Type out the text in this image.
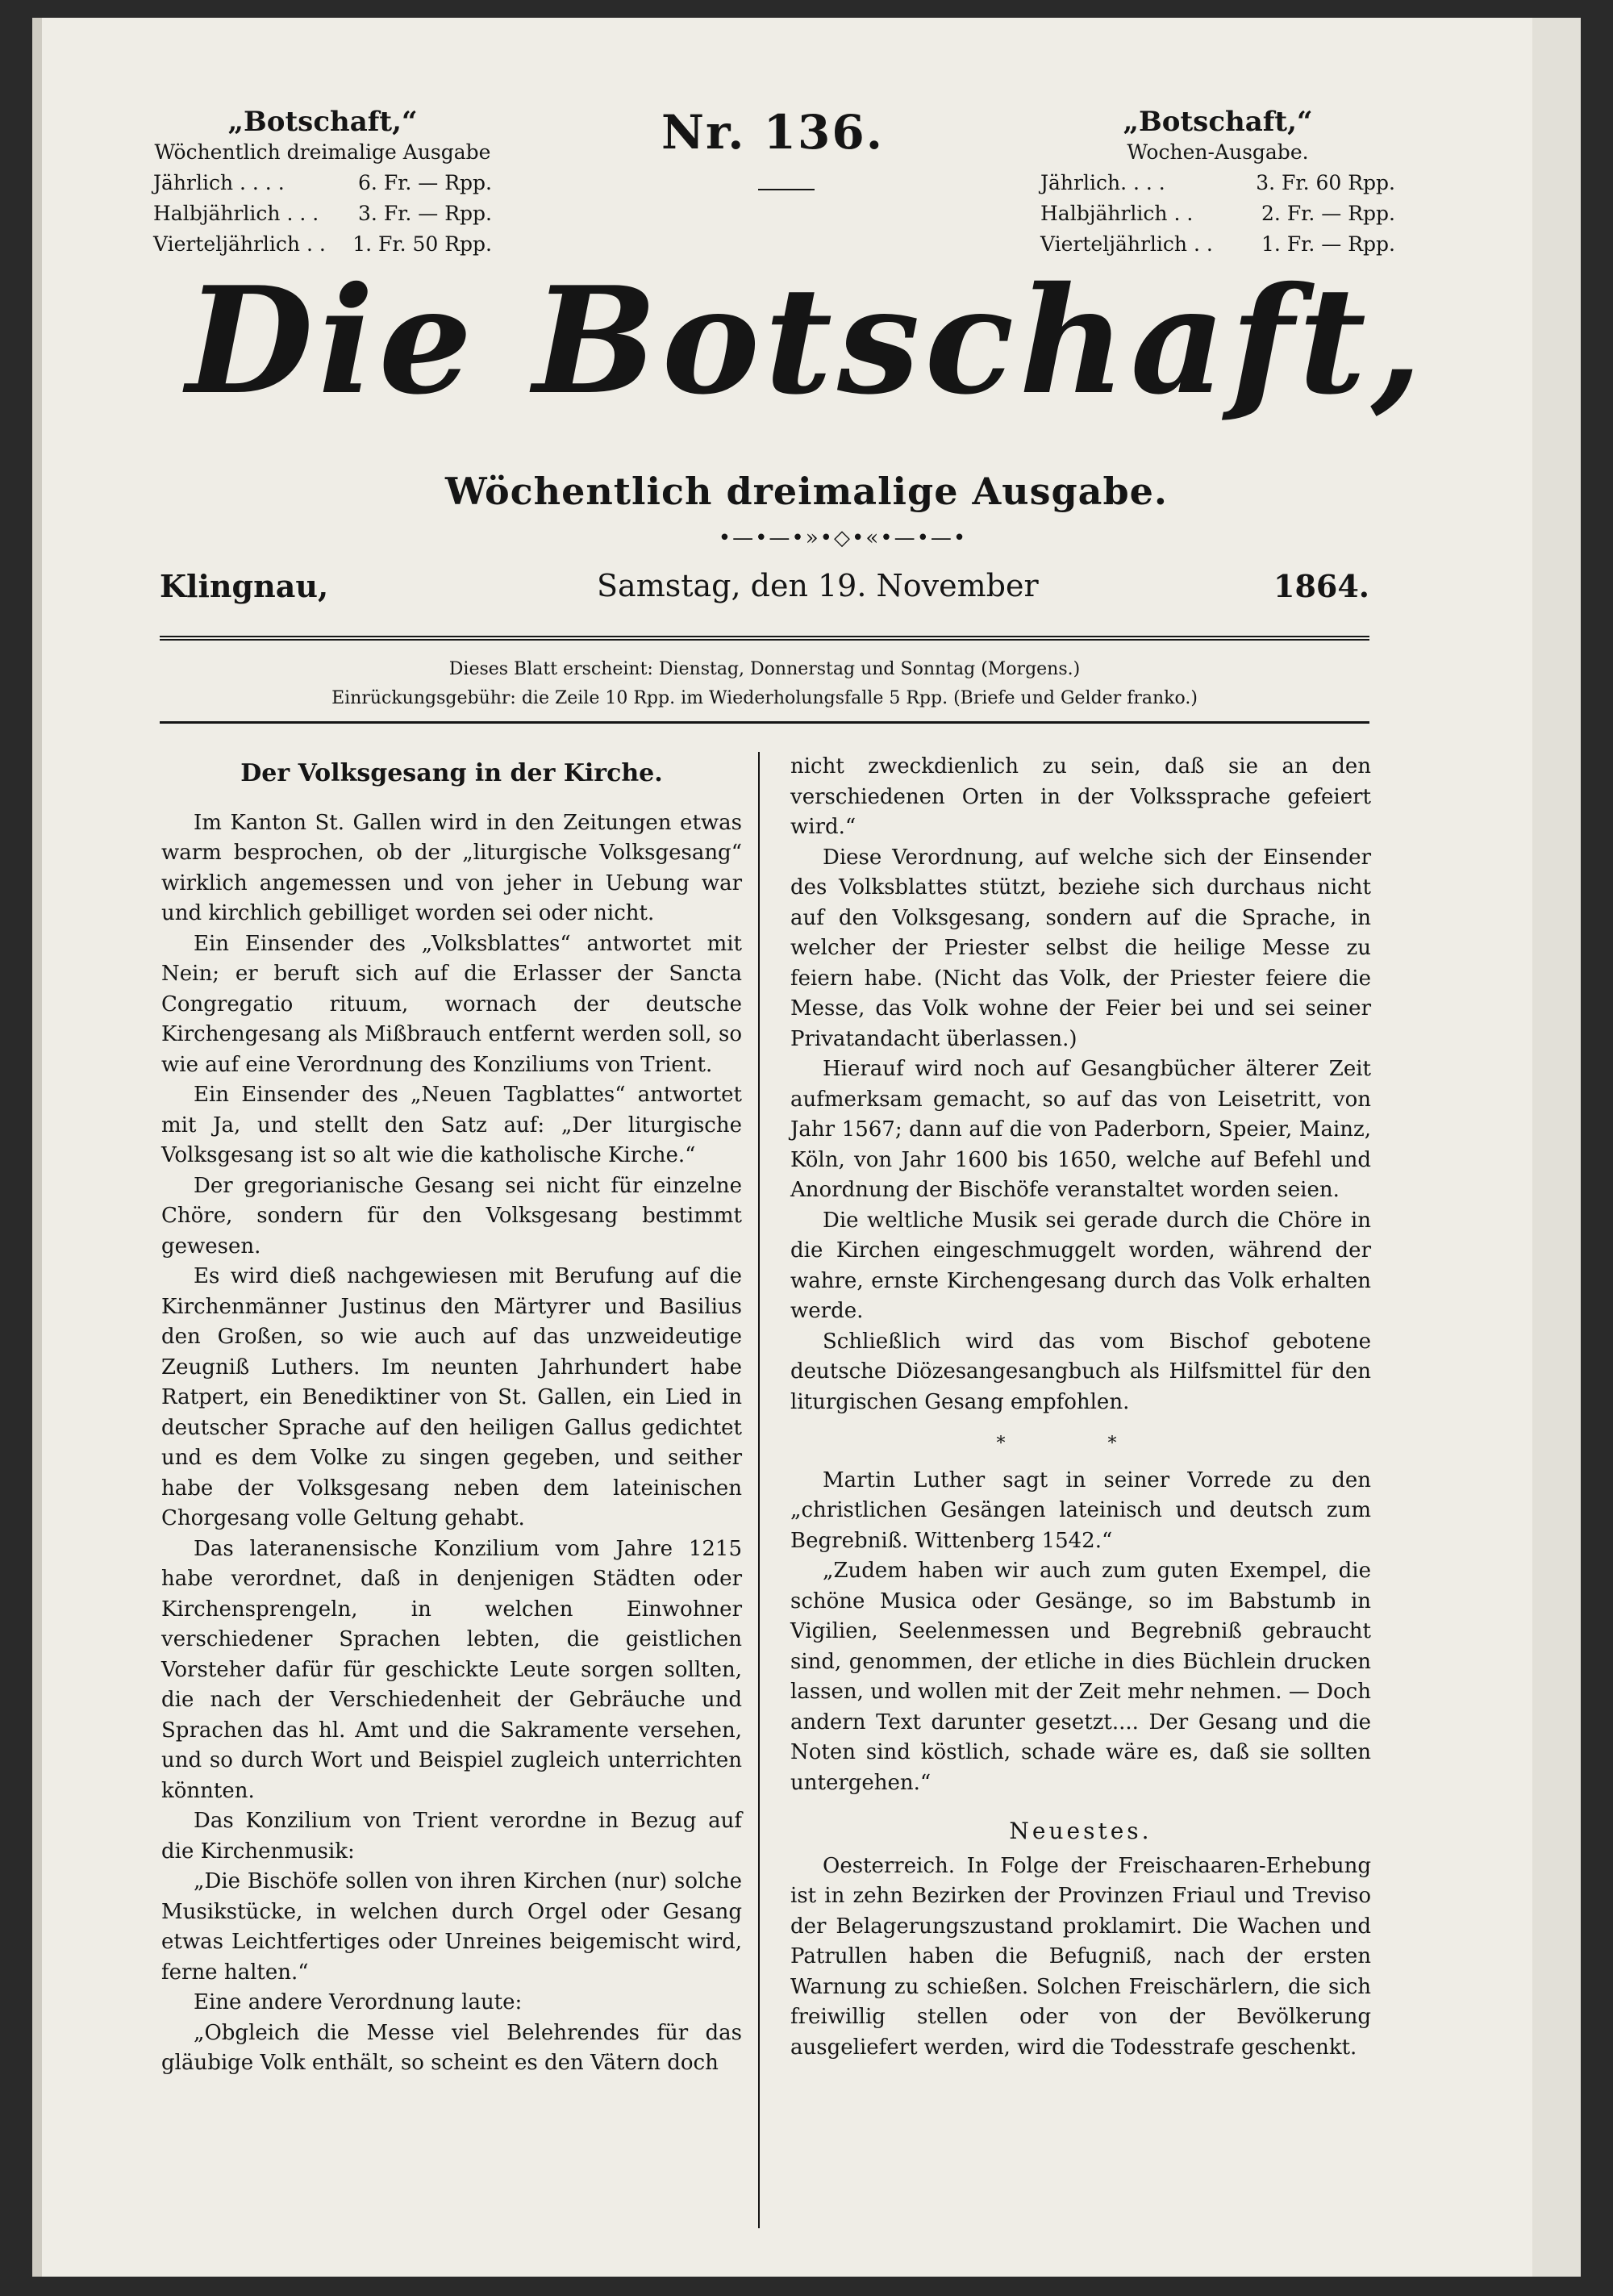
„Botschaft,“
Wöchentlich dreimalige Ausgabe
Jährlich . . . .	6. Fr. — Rpp.
Halbjährlich . . . 3. Fr. — Rpp.
Vierteljährlich . . 1. Fr. 50 Rpp.
Nr. 136.	„Botschaft,“
Wochen-Ausgabe.
Jährlich. . . .	3. Fr. 60 Rpp.
Halbjährlich . .	2. Fr. — Rpp.
Vierteljährlich . . 1. Fr. — Rpp.
Die Botschaft,
Wöchentlich dreimalige Ausgabe.
•—•—•»•◇•«•—•—•
Klingnau,	Samstag, den 19. November	1864.
Dieses Blatt erscheint: Dienstag, Donnerstag und Sonntag (Morgens.)
Einrückungsgebühr: die Zeile 10 Rpp. im Wiederholungsfalle 5 Rpp. (Briefe und Gelder franko.)
Der Volksgesang in der Kirche.

Im Kanton St. Gallen wird in den Zeitungen etwas warm besprochen, ob der „liturgische Volksgesang“ wirklich angemessen und von jeher in Uebung war und kirchlich gebilliget worden sei oder nicht.

Ein Einsender des „Volksblattes“ antwortet mit Nein; er beruft sich auf die Erlasser der Sancta Congregatio rituum, wornach der deutsche Kirchengesang als Mißbrauch entfernt werden soll, so wie auf eine Verordnung des Konziliums von Trient.

Ein Einsender des „Neuen Tagblattes“ antwortet mit Ja, und stellt den Satz auf: „Der liturgische Volksgesang ist so alt wie die katholische Kirche.“

Der gregorianische Gesang sei nicht für einzelne Chöre, sondern für den Volksgesang bestimmt gewesen.

Es wird dieß nachgewiesen mit Berufung auf die Kirchenmänner Justinus den Märtyrer und Basilius den Großen, so wie auch auf das unzweideutige Zeugniß Luthers. Im neunten Jahrhundert habe Ratpert, ein Benediktiner von St. Gallen, ein Lied in deutscher Sprache auf den heiligen Gallus gedichtet und es dem Volke zu singen gegeben, und seither habe der Volksgesang neben dem lateinischen Chorgesang volle Geltung gehabt.

Das lateranensische Konzilium vom Jahre 1215 habe verordnet, daß in denjenigen Städten oder Kirchensprengeln, in welchen Einwohner verschiedener Sprachen lebten, die geistlichen Vorsteher dafür für geschickte Leute sorgen sollten, die nach der Verschiedenheit der Gebräuche und Sprachen das hl. Amt und die Sakramente versehen, und so durch Wort und Beispiel zugleich unterrichten könnten.

Das Konzilium von Trient verordne in Bezug auf die Kirchenmusik:

„Die Bischöfe sollen von ihren Kirchen (nur) solche Musikstücke, in welchen durch Orgel oder Gesang etwas Leichtfertiges oder Unreines beigemischt wird, ferne halten.“

Eine andere Verordnung laute:

„Obgleich die Messe viel Belehrendes für das gläubige Volk enthält, so scheint es den Vätern doch

nicht zweckdienlich zu sein, daß sie an den verschiedenen Orten in der Volkssprache gefeiert wird.“

Diese Verordnung, auf welche sich der Einsender des Volksblattes stützt, beziehe sich durchaus nicht auf den Volksgesang, sondern auf die Sprache, in welcher der Priester selbst die heilige Messe zu feiern habe. (Nicht das Volk, der Priester feiere die Messe, das Volk wohne der Feier bei und sei seiner Privatandacht überlassen.)

Hierauf wird noch auf Gesangbücher älterer Zeit aufmerksam gemacht, so auf das von Leisetritt, von Jahr 1567; dann auf die von Paderborn, Speier, Mainz, Köln, von Jahr 1600 bis 1650, welche auf Befehl und Anordnung der Bischöfe veranstaltet worden seien.

Die weltliche Musik sei gerade durch die Chöre in die Kirchen eingeschmuggelt worden, während der wahre, ernste Kirchengesang durch das Volk erhalten werde.

Schließlich wird das vom Bischof gebotene deutsche Diözesangesangbuch als Hilfsmittel für den liturgischen Gesang empfohlen.

* *

Martin Luther sagt in seiner Vorrede zu den „christlichen Gesängen lateinisch und deutsch zum Begrebniß. Wittenberg 1542.“

„Zudem haben wir auch zum guten Exempel, die schöne Musica oder Gesänge, so im Babstumb in Vigilien, Seelenmessen und Begrebniß gebraucht sind, genommen, der etliche in dies Büchlein drucken lassen, und wollen mit der Zeit mehr nehmen. — Doch andern Text darunter gesetzt.... Der Gesang und die Noten sind köstlich, schade wäre es, daß sie sollten untergehen.“

Neuestes.

Oesterreich. In Folge der Freischaaren-Erhebung ist in zehn Bezirken der Provinzen Friaul und Treviso der Belagerungszustand proklamirt. Die Wachen und Patrullen haben die Befugniß, nach der ersten Warnung zu schießen. Solchen Freischärlern, die sich freiwillig stellen oder von der Bevölkerung ausgeliefert werden, wird die Todesstrafe geschenkt.
